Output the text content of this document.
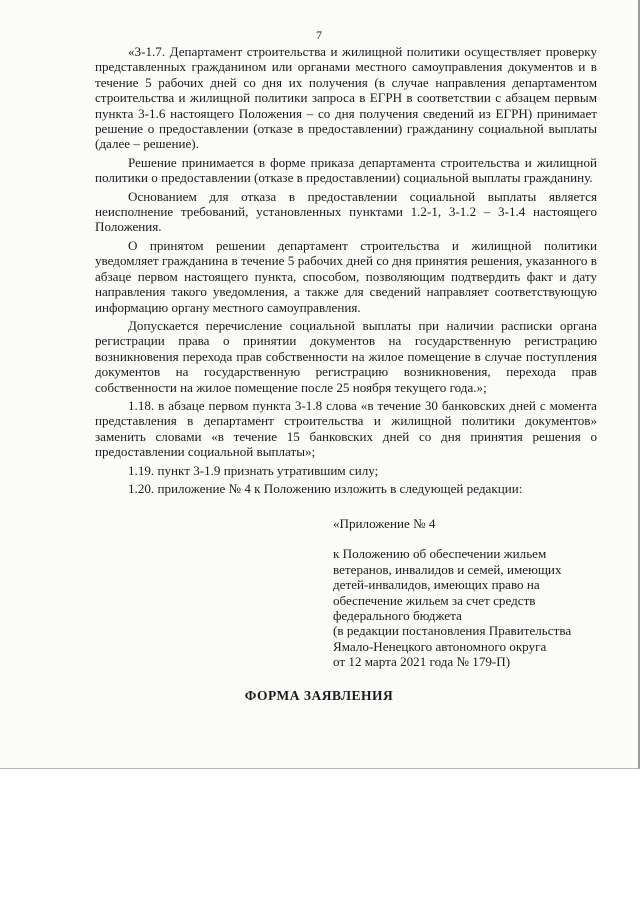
7

«3-1.7. Департамент строительства и жилищной политики осуществляет проверку представленных гражданином или органами местного самоуправления документов и в течение 5 рабочих дней со дня их получения (в случае направления департаментом строительства и жилищной политики запроса в ЕГРН в соответствии с абзацем первым пункта 3-1.6 настоящего Положения – со дня получения сведений из ЕГРН) принимает решение о предоставлении (отказе в предоставлении) гражданину социальной выплаты (далее – решение).

Решение принимается в форме приказа департамента строительства и жилищной политики о предоставлении (отказе в предоставлении) социальной выплаты гражданину.

Основанием для отказа в предоставлении социальной выплаты является неисполнение требований, установленных пунктами 1.2-1, 3-1.2 – 3-1.4 настоящего Положения.

О принятом решении департамент строительства и жилищной политики уведомляет гражданина в течение 5 рабочих дней со дня принятия решения, указанного в абзаце первом настоящего пункта, способом, позволяющим подтвердить факт и дату направления такого уведомления, а также для сведений направляет соответствующую информацию органу местного самоуправления.

Допускается перечисление социальной выплаты при наличии расписки органа регистрации права о принятии документов на государственную регистрацию возникновения перехода прав собственности на жилое помещение в случае поступления документов на государственную регистрацию возникновения, перехода прав собственности на жилое помещение после 25 ноября текущего года.»;

1.18. в абзаце первом пункта 3-1.8 слова «в течение 30 банковских дней с момента представления в департамент строительства и жилищной политики документов» заменить словами «в течение 15 банковских дней со дня принятия решения о предоставлении социальной выплаты»;

1.19. пункт 3-1.9 признать утратившим силу;

1.20. приложение № 4 к Положению изложить в следующей редакции:

«Приложение № 4
к Положению об обеспечении жильем
ветеранов, инвалидов и семей, имеющих
детей-инвалидов, имеющих право на
обеспечение жильем за счет средств
федерального бюджета
(в редакции постановления Правительства
Ямало-Ненецкого автономного округа
от 12 марта 2021 года № 179-П)
ФОРМА ЗАЯВЛЕНИЯ
